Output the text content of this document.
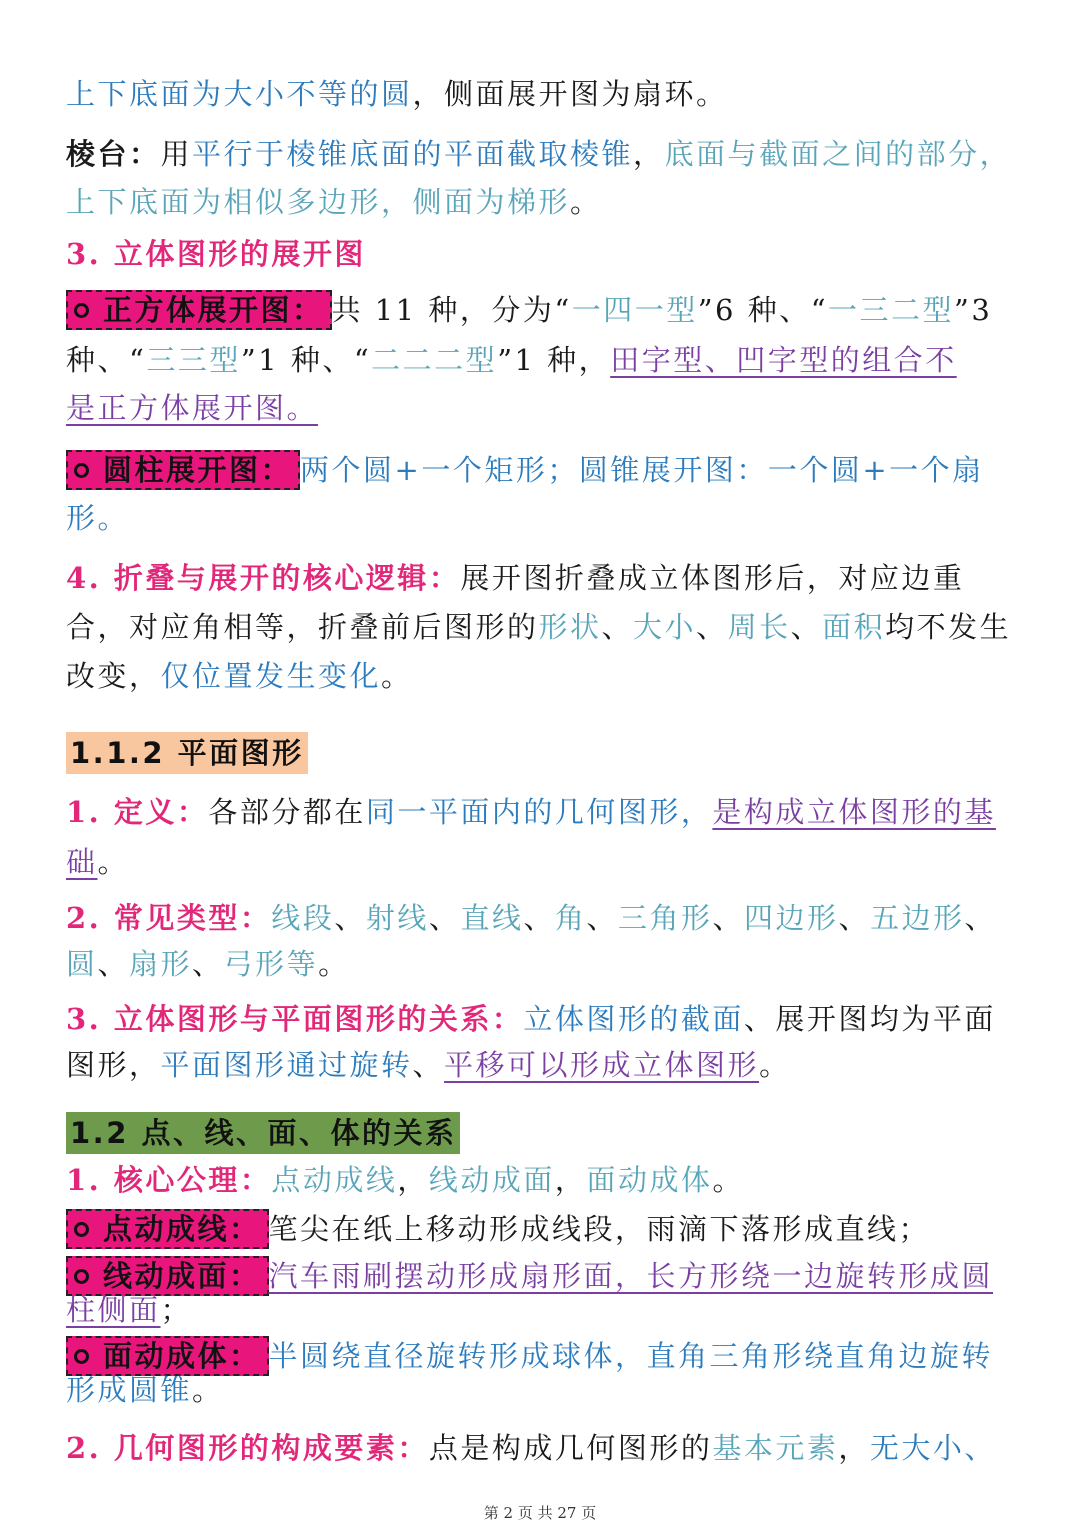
上下底面为大小不等的圆，侧面展开图为扇环。
棱台：用平行于棱锥底面的平面截取棱锥，底面与截面之间的部分，
上下底面为相似多边形，侧面为梯形。
3. 立体图形的展开图
正方体展开图： 共 11 种，分为“一四一型”6 种、“一三二型”3
种、“三三型”1 种、“二二二型”1 种，田字型、凹字型的组合不
是正方体展开图。
圆柱展开图： 两个圆+一个矩形；圆锥展开图：一个圆+一个扇
形。
4. 折叠与展开的核心逻辑：展开图折叠成立体图形后，对应边重
合，对应角相等，折叠前后图形的形状、大小、周长、面积均不发生
改变，仅位置发生变化。
1.1.2 平面图形
1. 定义：各部分都在同一平面内的几何图形，是构成立体图形的基
础。
2. 常见类型：线段、射线、直线、角、三角形、四边形、五边形、
圆、扇形、弓形等。
3. 立体图形与平面图形的关系：立体图形的截面、展开图均为平面
图形，平面图形通过旋转、平移可以形成立体图形。
1.2 点、线、面、体的关系
1. 核心公理：点动成线，线动成面，面动成体。
点动成线： 笔尖在纸上移动形成线段，雨滴下落形成直线；
线动成面： 汽车雨刷摆动形成扇形面，长方形绕一边旋转形成圆
柱侧面；
面动成体： 半圆绕直径旋转形成球体，直角三角形绕直角边旋转
形成圆锥。
2. 几何图形的构成要素：点是构成几何图形的基本元素，无大小、
第 2 页 共 27 页
